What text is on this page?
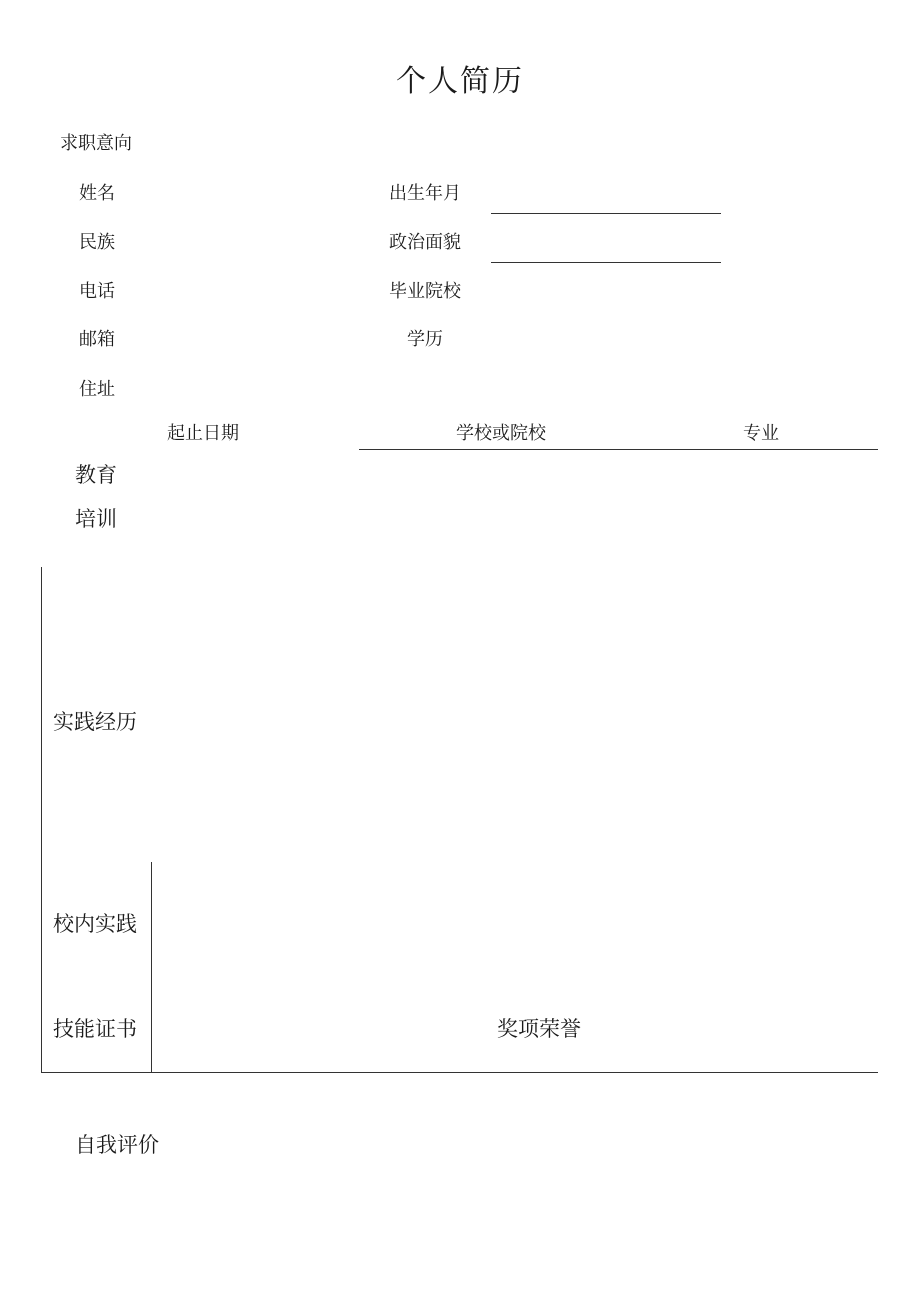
个人简历
求职意向
姓名	出生年月
民族	政治面貌
电话	毕业院校
邮箱	学历
住址
起止日期	学校或院校	专业
教育
培训
实践经历
校内实践
技能证书	奖项荣誉
自我评价
